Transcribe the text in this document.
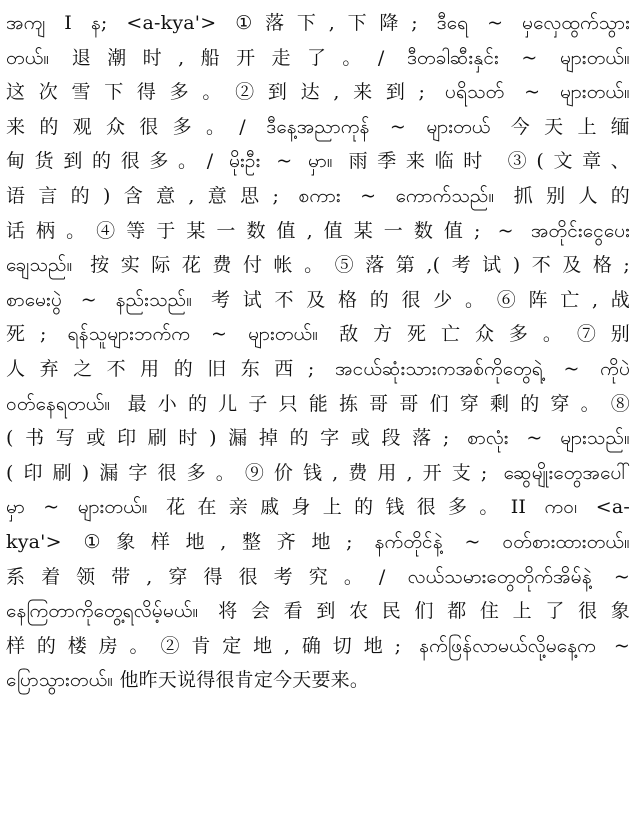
အကျ I န; <a-kya'> ①落下,下降; ဒီရေ ~ မှလှေထွက်သွား
တယ်။ 退潮时,船开走了。/ ဒီတခါဆီးနှင်း ~ များတယ်။
这次雪下得多。②到达,来到; ပရိသတ် ~ များတယ်။
来的观众很多。/ ဒီနေ့အညာကုန် ~ များတယ် 今天上缅
甸货到的很多。/ မိုးဦး ~ မှာ။ 雨季来临时 ③(文章、
语言的)含意,意思; စကား ~ ကောက်သည်။ 抓别人的
话柄。④等于某一数值,值某一数值; ~ အတိုင်းငွေပေး
ချေသည်။ 按实际花费付帐。⑤落第,(考试)不及格;
စာမေးပွဲ ~ နည်းသည်။ 考试不及格的很少。⑥阵亡,战
死; ရန်သူများဘက်က ~ များတယ်။ 敌方死亡众多。⑦别
人弃之不用的旧东西; အငယ်ဆုံးသားကအစ်ကိုတွေရဲ့ ~ ကိုပဲ
ဝတ်နေရတယ်။ 最小的儿子只能拣哥哥们穿剩的穿。⑧
(书写或印刷时)漏掉的字或段落; စာလုံး ~ များသည်။
(印刷)漏字很多。⑨价钱,费用,开支; ဆွေမျိုးတွေအပေါ်
မှာ ~ များတယ်။ 花在亲戚身上的钱很多。II ကဝ၊ <a-
kya'> ①象样地,整齐地; နက်တိုင်နဲ့ ~ ဝတ်စားထားတယ်။
系着领带,穿得很考究。/ လယ်သမားတွေတိုက်အိမ်နဲ့ ~
နေကြတာကိုတွေ့ရလိမ့်မယ်။ 将会看到农民们都住上了很象
样的楼房。②肯定地,确切地; နက်ဖြန်လာမယ်လို့မနေ့က ~
ပြောသွားတယ်။ 他昨天说得很肯定今天要来。
